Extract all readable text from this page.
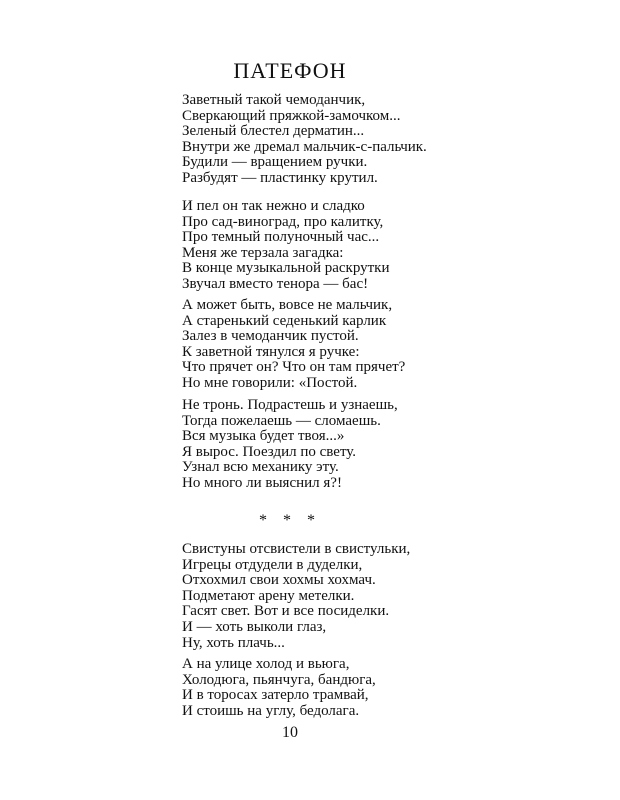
ПАТЕФОН
Заветный такой чемоданчик,
Сверкающий пряжкой-замочком...
Зеленый блестел дерматин...
Внутри же дремал мальчик-с-пальчик.
Будили — вращением ручки.
Разбудят — пластинку крутил.
И пел он так нежно и сладко
Про сад-виноград, про калитку,
Про темный полуночный час...
Меня же терзала загадка:
В конце музыкальной раскрутки
Звучал вместо тенора — бас!
А может быть, вовсе не мальчик,
А старенький седенький карлик
Залез в чемоданчик пустой.
К заветной тянулся я ручке:
Что прячет он? Что он там прячет?
Но мне говорили: «Постой.
Не тронь. Подрастешь и узнаешь,
Тогда пожелаешь — сломаешь.
Вся музыка будет твоя...»
Я вырос. Поездил по свету.
Узнал всю механику эту.
Но много ли выяснил я?!
* * *
Свистуны отсвистели в свистульки,
Игрецы отдудели в дуделки,
Отхохмил свои хохмы хохмач.
Подметают арену метелки.
Гасят свет. Вот и все посиделки.
И — хоть выколи глаз,
Ну, хоть плачь...
А на улице холод и вьюга,
Холодюга, пьянчуга, бандюга,
И в торосах затерло трамвай,
И стоишь на углу, бедолага.
10
